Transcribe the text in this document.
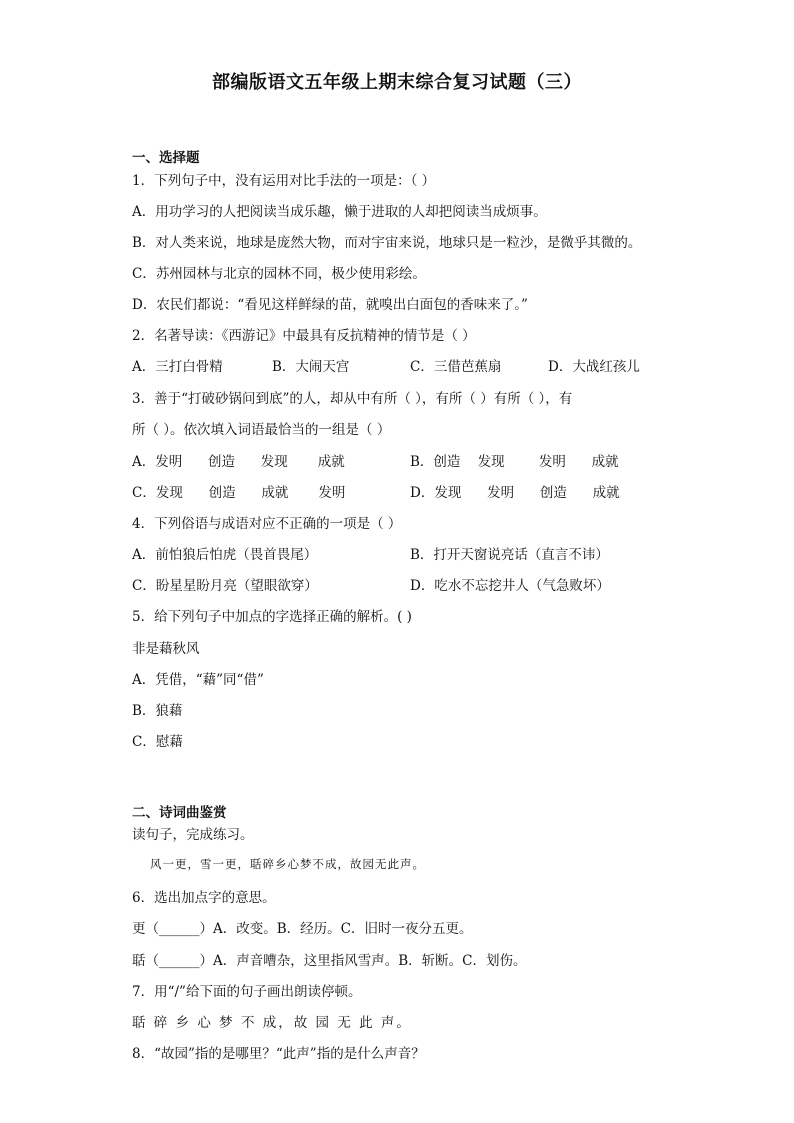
部编版语文五年级上期末综合复习试题（三）
一、选择题
1．下列句子中，没有运用对比手法的一项是：（ ）
A．用功学习的人把阅读当成乐趣，懒于进取的人却把阅读当成烦事。
B．对人类来说，地球是庞然大物，而对宇宙来说，地球只是一粒沙，是微乎其微的。
C．苏州园林与北京的园林不同，极少使用彩绘。
D．农民们都说：“看见这样鲜绿的苗，就嗅出白面包的香味来了。”
2．名著导读：《西游记》中最具有反抗精神的情节是（ ）
A．三打白骨精	B．大闹天宫	C．三借芭蕉扇	D．大战红孩儿
3．善于“打破砂锅问到底”的人，却从中有所（ ），有所（ ）有所（ ），有
所（ ）。依次填入词语最恰当的一组是（ ）
A．发明      创造      发现       成就	B．创造    发现        发明      成就
C．发现      创造      成就       发明	D．发现      发明      创造      成就
4．下列俗语与成语对应不正确的一项是（ ）
A．前怕狼后怕虎（畏首畏尾）	B．打开天窗说亮话（直言不讳）
C．盼星星盼月亮（望眼欲穿）	D．吃水不忘挖井人（气急败坏）
5．给下列句子中加点的字选择正确的解析。( )
非是藉秋风
A．凭借，“藉”同“借”
B．狼藉
C．慰藉
二、诗词曲鉴赏
读句子，完成练习。
风一更，雪一更，聒碎乡心梦不成，故园无此声。
6．选出加点字的意思。
更（______）A．改变。B．经历。C．旧时一夜分五更。
聒（______）A．声音嘈杂，这里指风雪声。B．斩断。C．划伤。
7．用“/”给下面的句子画出朗读停顿。
聒 碎 乡 心 梦 不 成，故 园 无 此 声。
8．“故园”指的是哪里？“此声”指的是什么声音？
